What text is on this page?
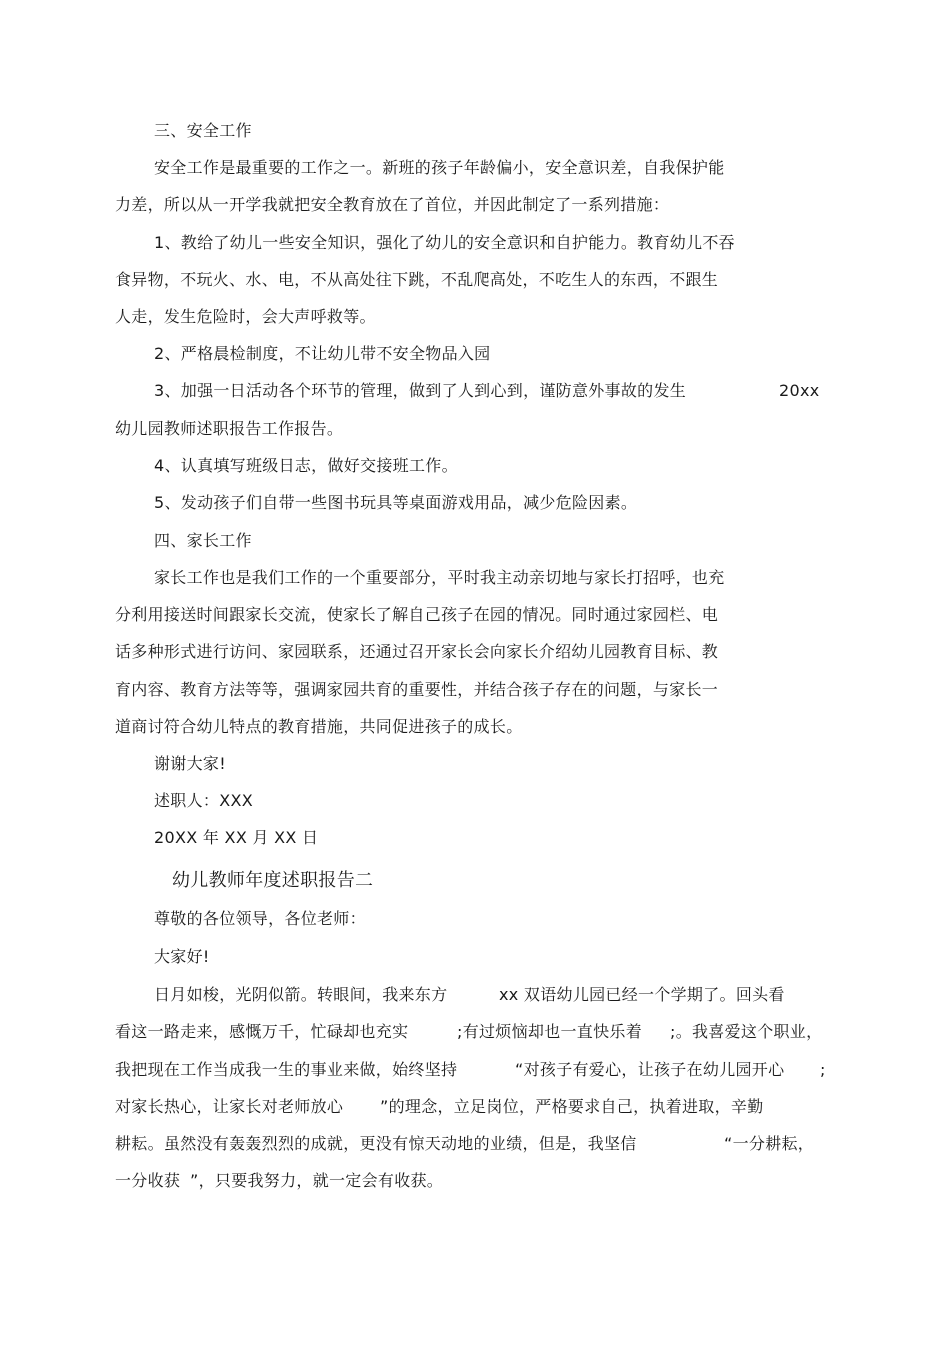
三、安全工作
安全工作是最重要的工作之一。新班的孩子年龄偏小，安全意识差，自我保护能
力差，所以从一开学我就把安全教育放在了首位，并因此制定了一系列措施：
1、教给了幼儿一些安全知识，强化了幼儿的安全意识和自护能力。教育幼儿不吞
食异物，不玩火、水、电，不从高处往下跳，不乱爬高处，不吃生人的东西，不跟生
人走，发生危险时，会大声呼救等。
2、严格晨检制度，不让幼儿带不安全物品入园
3、加强一日活动各个环节的管理，做到了人到心到，谨防意外事故的发生	20xx
幼儿园教师述职报告工作报告。
4、认真填写班级日志，做好交接班工作。
5、发动孩子们自带一些图书玩具等桌面游戏用品，减少危险因素。
四、家长工作
家长工作也是我们工作的一个重要部分，平时我主动亲切地与家长打招呼，也充
分利用接送时间跟家长交流，使家长了解自己孩子在园的情况。同时通过家园栏、电
话多种形式进行访问、家园联系，还通过召开家长会向家长介绍幼儿园教育目标、教
育内容、教育方法等等，强调家园共育的重要性，并结合孩子存在的问题，与家长一
道商讨符合幼儿特点的教育措施，共同促进孩子的成长。
谢谢大家!
述职人：XXX
20XX 年 XX 月 XX 日
幼儿教师年度述职报告二
尊敬的各位领导，各位老师：
大家好!
日月如梭，光阴似箭。转眼间，我来东方	xx 双语幼儿园已经一个学期了。回头看
看这一路走来，感慨万千，忙碌却也充实	;有过烦恼却也一直快乐着 ;。我喜爱这个职业，
我把现在工作当成我一生的事业来做，始终坚持	“对孩子有爱心，让孩子在幼儿园开心 ;
对家长热心，让家长对老师放心 ”的理念，立足岗位，严格要求自己，执着进取，辛勤
耕耘。虽然没有轰轰烈烈的成就，更没有惊天动地的业绩，但是，我坚信	“一分耕耘，
一分收获 ”，只要我努力，就一定会有收获。
